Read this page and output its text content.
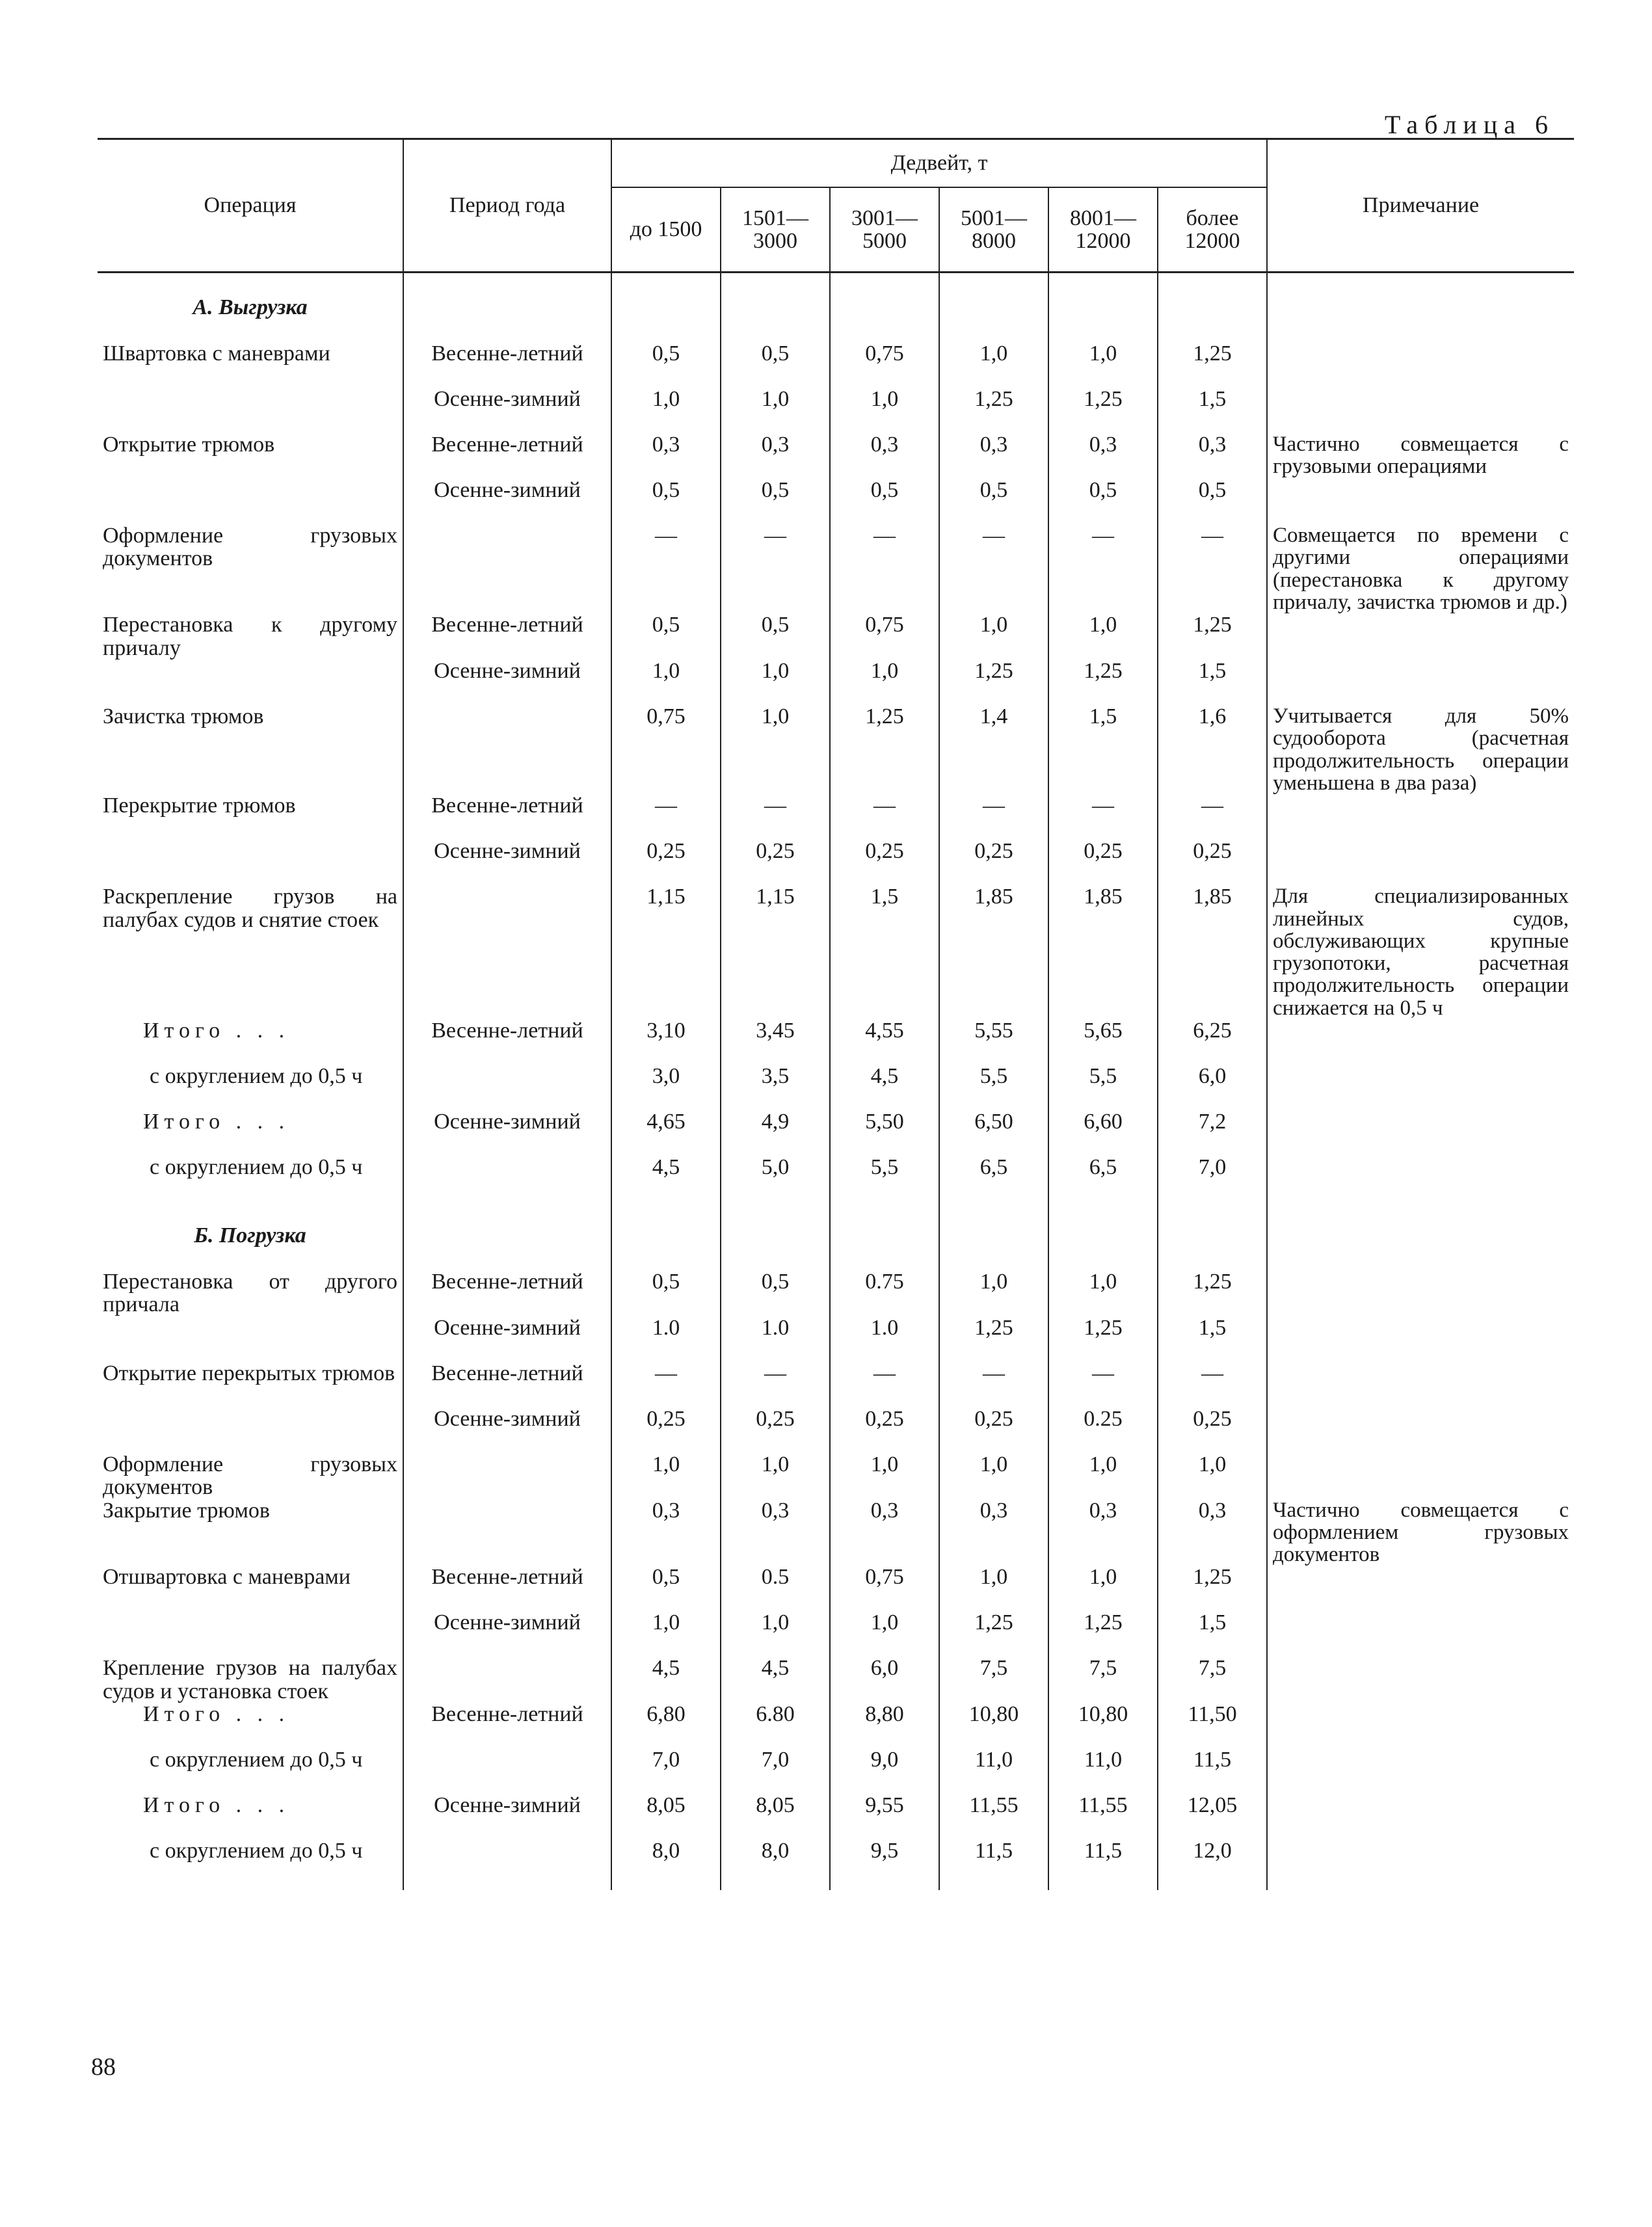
Таблица 6
Операция	Период года	Дедвейт, т						Примечание
		до 1500	1501— 3000	3001— 5000	5001— 8000	8001— 12000	более 12000	
А. Выгрузка								

Швартовка с маневрами	Весенне-летний	0,5	0,5	0,75	1,0	1,0	1,25	

	Осенне-зимний	1,0	1,0	1,0	1,25	1,25	1,5	

Открытие трюмов	Весенне-летний	0,3	0,3	0,3	0,3	0,3	0,3	Частично совмещается с грузовыми операциями

	Осенне-зимний	0,5	0,5	0,5	0,5	0,5	0,5	

Оформление грузовых документов		—	—	—	—	—	—	Совмещается по времени с другими операциями (перестановка к другому причалу, зачистка трюмов и др.)

Перестановка к другому причалу	Весенне-летний	0,5	0,5	0,75	1,0	1,0	1,25	

	Осенне-зимний	1,0	1,0	1,0	1,25	1,25	1,5	

Зачистка трюмов		0,75	1,0	1,25	1,4	1,5	1,6	Учитывается для 50% судооборота (расчетная продолжительность операции уменьшена в два раза)

Перекрытие трюмов	Весенне-летний	—	—	—	—	—	—	

	Осенне-зимний	0,25	0,25	0,25	0,25	0,25	0,25	

Раскрепление грузов на палубах судов и снятие стоек		1,15	1,15	1,5	1,85	1,85	1,85	Для специализированных линейных судов, обслуживающих крупные грузопотоки, расчетная продолжительность операции снижается на 0,5 ч

Итого . . .	Весенне-летний	3,10	3,45	4,55	5,55	5,65	6,25	

с округлением до 0,5 ч		3,0	3,5	4,5	5,5	5,5	6,0	

Итого . . .	Осенне-зимний	4,65	4,9	5,50	6,50	6,60	7,2	

с округлением до 0,5 ч		4,5	5,0	5,5	6,5	6,5	7,0	
Б. Погрузка								

Перестановка от другого причала	Весенне-летний	0,5	0,5	0.75	1,0	1,0	1,25	

	Осенне-зимний	1.0	1.0	1.0	1,25	1,25	1,5	

Открытие перекрытых трюмов	Весенне-летний	—	—	—	—	—	—	

	Осенне-зимний	0,25	0,25	0,25	0,25	0.25	0,25	

Оформление грузовых документов		1,0	1,0	1,0	1,0	1,0	1,0	

Закрытие трюмов		0,3	0,3	0,3	0,3	0,3	0,3	Частично совмещается с оформлением грузовых документов

Отшвартовка с маневрами	Весенне-летний	0,5	0.5	0,75	1,0	1,0	1,25	

	Осенне-зимний	1,0	1,0	1,0	1,25	1,25	1,5	

Крепление грузов на палубах судов и установка стоек		4,5	4,5	6,0	7,5	7,5	7,5	

Итого . . .	Весенне-летний	6,80	6.80	8,80	10,80	10,80	11,50	

с округлением до 0,5 ч		7,0	7,0	9,0	11,0	11,0	11,5	

Итого . . .	Осенне-зимний	8,05	8,05	9,55	11,55	11,55	12,05	

с округлением до 0,5 ч		8,0	8,0	9,5	11,5	11,5	12,0	
88
